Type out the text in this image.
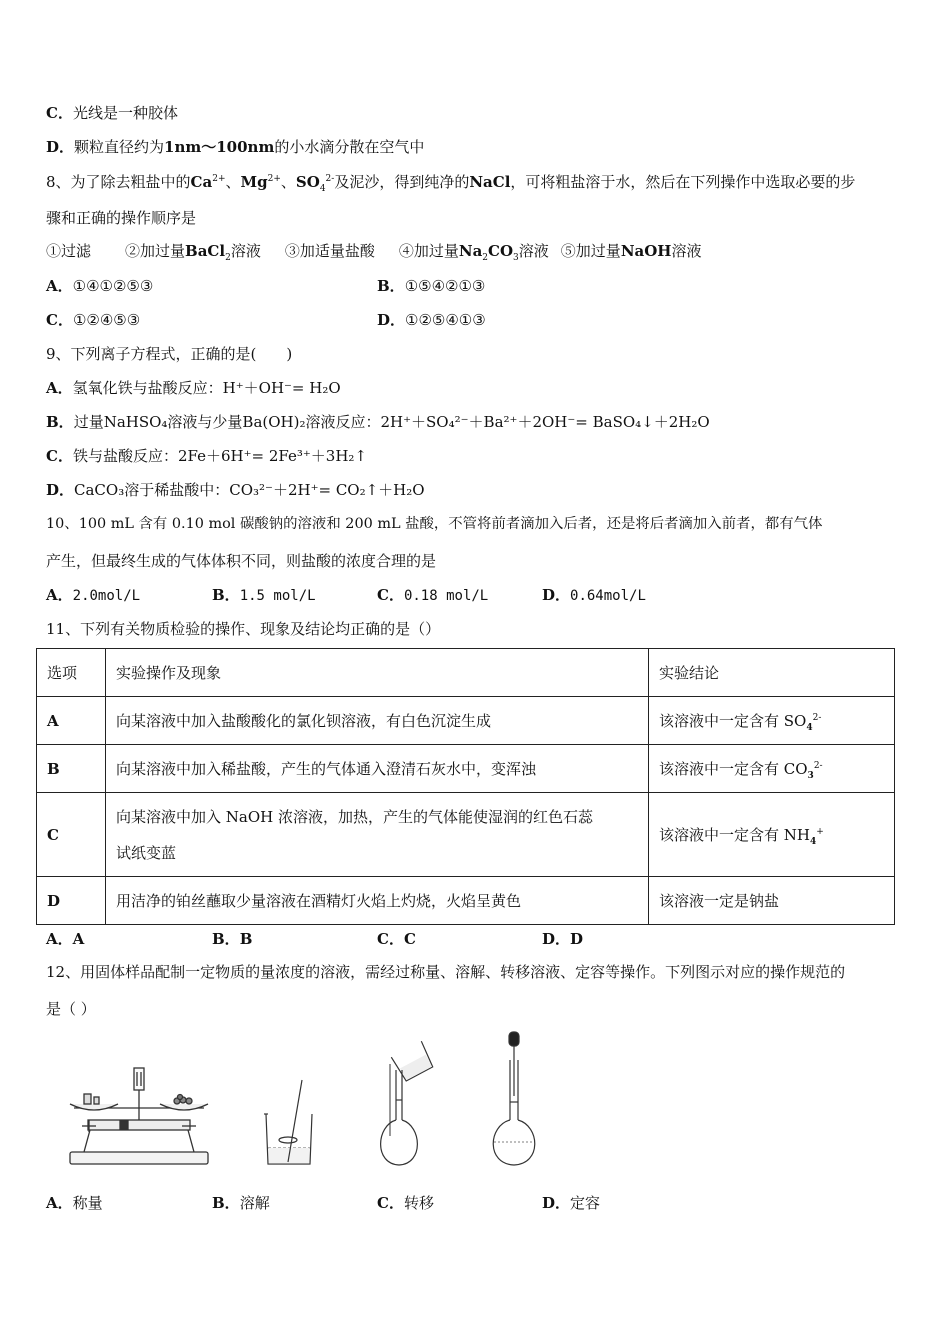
C．光线是一种胶体
D．颗粒直径约为1nm～100nm的小水滴分散在空气中
8、为了除去粗盐中的$Ca^{2+}$、$Mg^{2+}$、$SO_4^{2-}$及泥沙，得到纯净的NaCl，可将粗盐溶于水，然后在下列操作中选取必要的步
骤和正确的操作顺序是
①过滤 ②加过量BaCl$_2$溶液 ③加适量盐酸 ④加过量$Na_2CO_3$溶液 ⑤加过量NaOH溶液
A．①④①②⑤③	B．①⑤④②①③
C．①②④⑤③	D．①②⑤④①③
9、下列离子方程式，正确的是(　　)
A．氢氧化铁与盐酸反应：H⁺＋OH⁻= H₂O
B．过量NaHSO₄溶液与少量Ba(OH)₂溶液反应：2H⁺＋SO₄²⁻＋Ba²⁺＋2OH⁻= BaSO₄↓＋2H₂O
C．铁与盐酸反应：2Fe＋6H⁺= 2Fe³⁺＋3H₂↑
D．CaCO₃溶于稀盐酸中：CO₃²⁻＋2H⁺= CO₂↑＋H₂O
10、100 mL 含有 0.10 mol 碳酸钠的溶液和 200 mL 盐酸，不管将前者滴加入后者，还是将后者滴加入前者，都有气体
产生，但最终生成的气体体积不同，则盐酸的浓度合理的是
A．2.0mol/L	B．1.5 mol/L	C．0.18 mol/L	D．0.64mol/L
11、下列有关物质检验的操作、现象及结论均正确的是（）
选项	实验操作及现象	实验结论
A	向某溶液中加入盐酸酸化的氯化钡溶液，有白色沉淀生成	该溶液中一定含有 $SO_4^{2-}$
B	向某溶液中加入稀盐酸，产生的气体通入澄清石灰水中，变浑浊	该溶液中一定含有 $CO_3^{2-}$
C	向某溶液中加入 NaOH 浓溶液，加热，产生的气体能使湿润的红色石蕊
试纸变蓝	该溶液中一定含有 $NH_4^+$
D	用洁净的铂丝蘸取少量溶液在酒精灯火焰上灼烧，火焰呈黄色	该溶液一定是钠盐
A．A	B．B	C．C	D．D
12、用固体样品配制一定物质的量浓度的溶液，需经过称量、溶解、转移溶液、定容等操作。下列图示对应的操作规范的
是（ ）
A．称量	B．溶解	C．转移	D．定容
